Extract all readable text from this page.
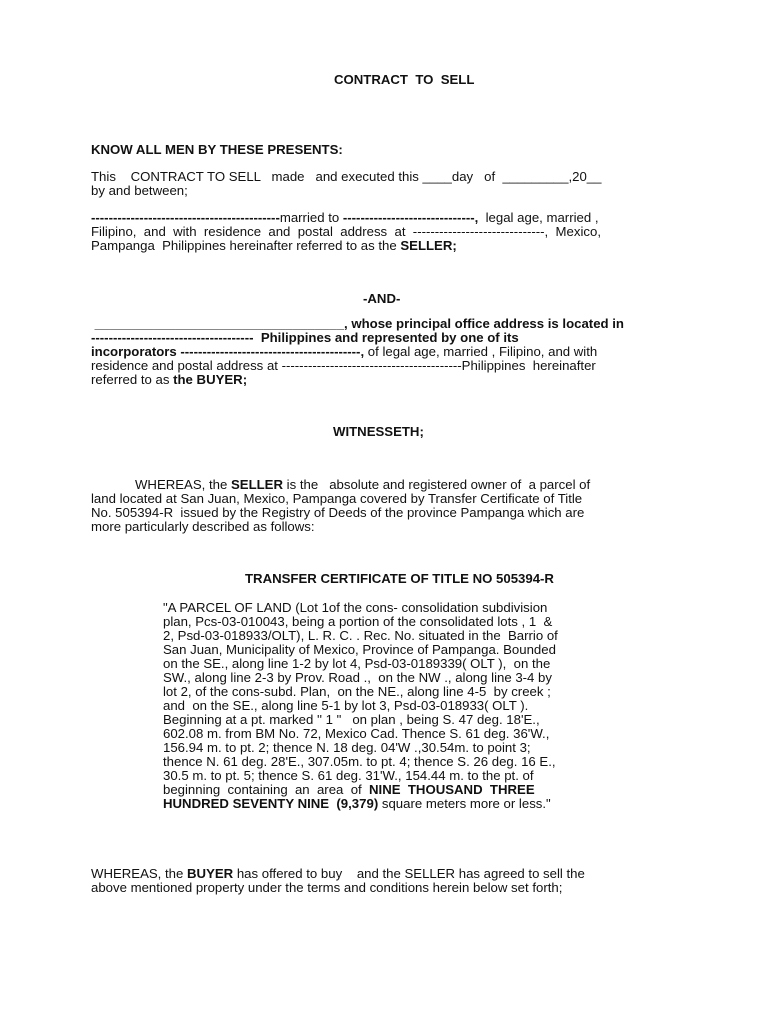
CONTRACT  TO  SELL

KNOW ALL MEN BY THESE PRESENTS:

This    CONTRACT TO SELL   made   and executed this ____day   of  _________,20__

by and between;

-------------------------------------------married to ------------------------------,  legal age, married ,

Filipino,  and  with  residence  and  postal  address  at  ------------------------------,  Mexico,

Pampanga  Philippines hereinafter referred to as the SELLER;

-AND-

__________________________________, whose principal office address is located in

-------------------------------------  Philippines and represented by one of its

incorporators -----------------------------------------, of legal age, married , Filipino, and with

residence and postal address at -----------------------------------------Philippines  hereinafter

referred to as the BUYER;

WITNESSETH;

WHEREAS, the SELLER is the   absolute and registered owner of  a parcel of

land located at San Juan, Mexico, Pampanga covered by Transfer Certificate of Title

No. 505394-R  issued by the Registry of Deeds of the province Pampanga which are

more particularly described as follows:

TRANSFER CERTIFICATE OF TITLE NO 505394-R

"A PARCEL OF LAND (Lot 1of the cons- consolidation subdivision

plan, Pcs-03-010043, being a portion of the consolidated lots , 1  &

2, Psd-03-018933/OLT), L. R. C. . Rec. No. situated in the  Barrio of

San Juan, Municipality of Mexico, Province of Pampanga. Bounded

on the SE., along line 1-2 by lot 4, Psd-03-0189339( OLT ),  on the

SW., along line 2-3 by Prov. Road .,  on the NW ., along line 3-4 by

lot 2, of the cons-subd. Plan,  on the NE., along line 4-5  by creek ;

and  on the SE., along line 5-1 by lot 3, Psd-03-018933( OLT ).

Beginning at a pt. marked '' 1 "   on plan , being S. 47 deg. 18'E.,

602.08 m. from BM No. 72, Mexico Cad. Thence S. 61 deg. 36'W.,

156.94 m. to pt. 2; thence N. 18 deg. 04'W .,30.54m. to point 3;

thence N. 61 deg. 28'E., 307.05m. to pt. 4; thence S. 26 deg. 16 E.,

30.5 m. to pt. 5; thence S. 61 deg. 31'W., 154.44 m. to the pt. of

beginning  containing  an  area  of  NINE  THOUSAND  THREE

HUNDRED SEVENTY NINE  (9,379) square meters more or less."

WHEREAS, the BUYER has offered to buy    and the SELLER has agreed to sell the

above mentioned property under the terms and conditions herein below set forth;
